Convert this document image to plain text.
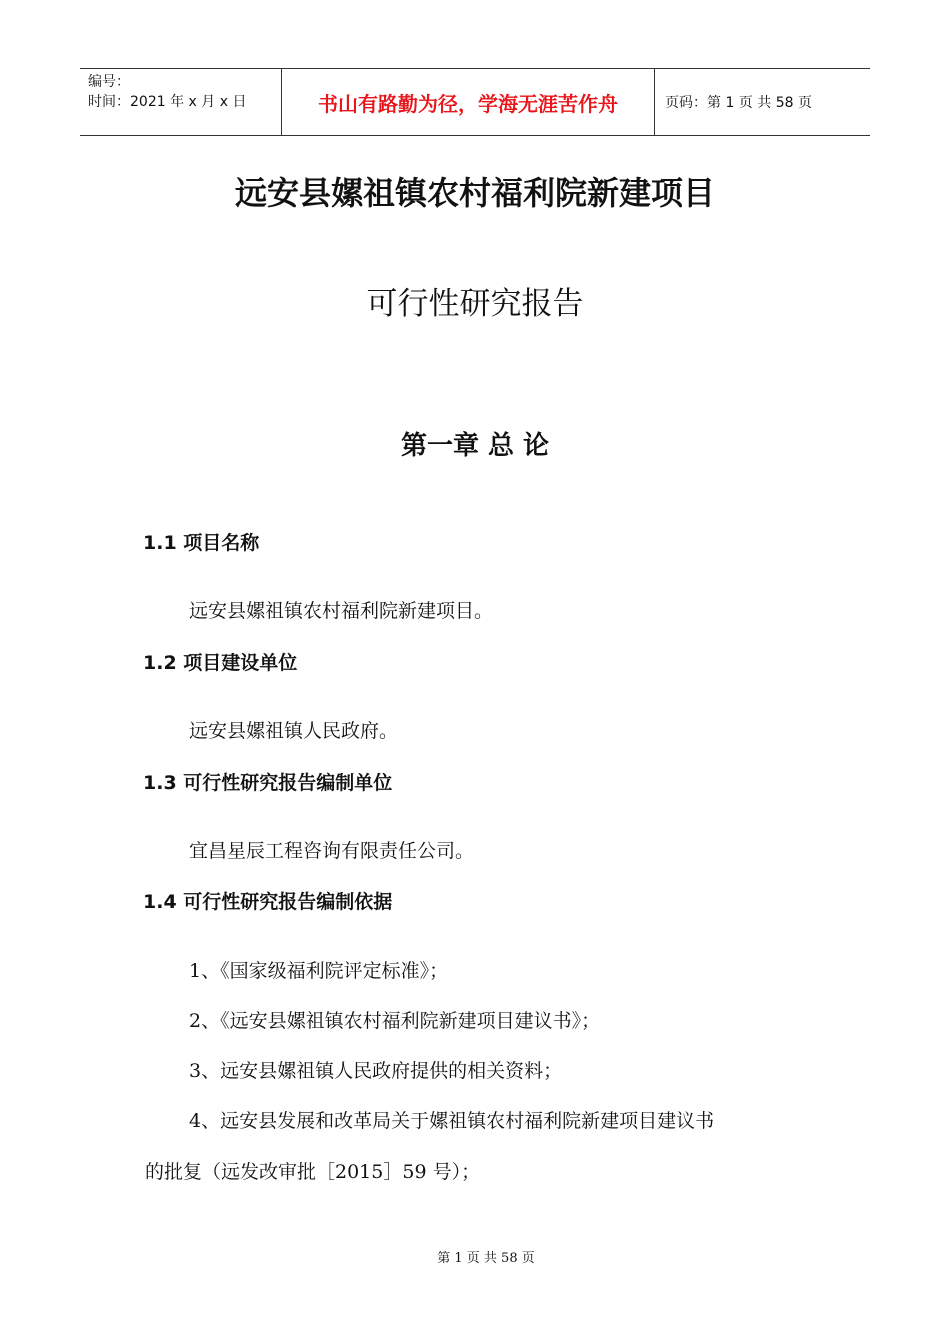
编号：
时间：2021 年 x 月 x 日	书山有路勤为径，学海无涯苦作舟	页码：第 1 页 共 58 页
远安县嫘祖镇农村福利院新建项目
可行性研究报告
第一章 总 论
1.1 项目名称
远安县嫘祖镇农村福利院新建项目。
1.2 项目建设单位
远安县嫘祖镇人民政府。
1.3 可行性研究报告编制单位
宜昌星辰工程咨询有限责任公司。
1.4 可行性研究报告编制依据
1、《国家级福利院评定标准》；
2、《远安县嫘祖镇农村福利院新建项目建议书》；
3、远安县嫘祖镇人民政府提供的相关资料；
4、远安县发展和改革局关于嫘祖镇农村福利院新建项目建议书
的批复（远发改审批［2015］59 号）；
第 1 页 共 58 页
